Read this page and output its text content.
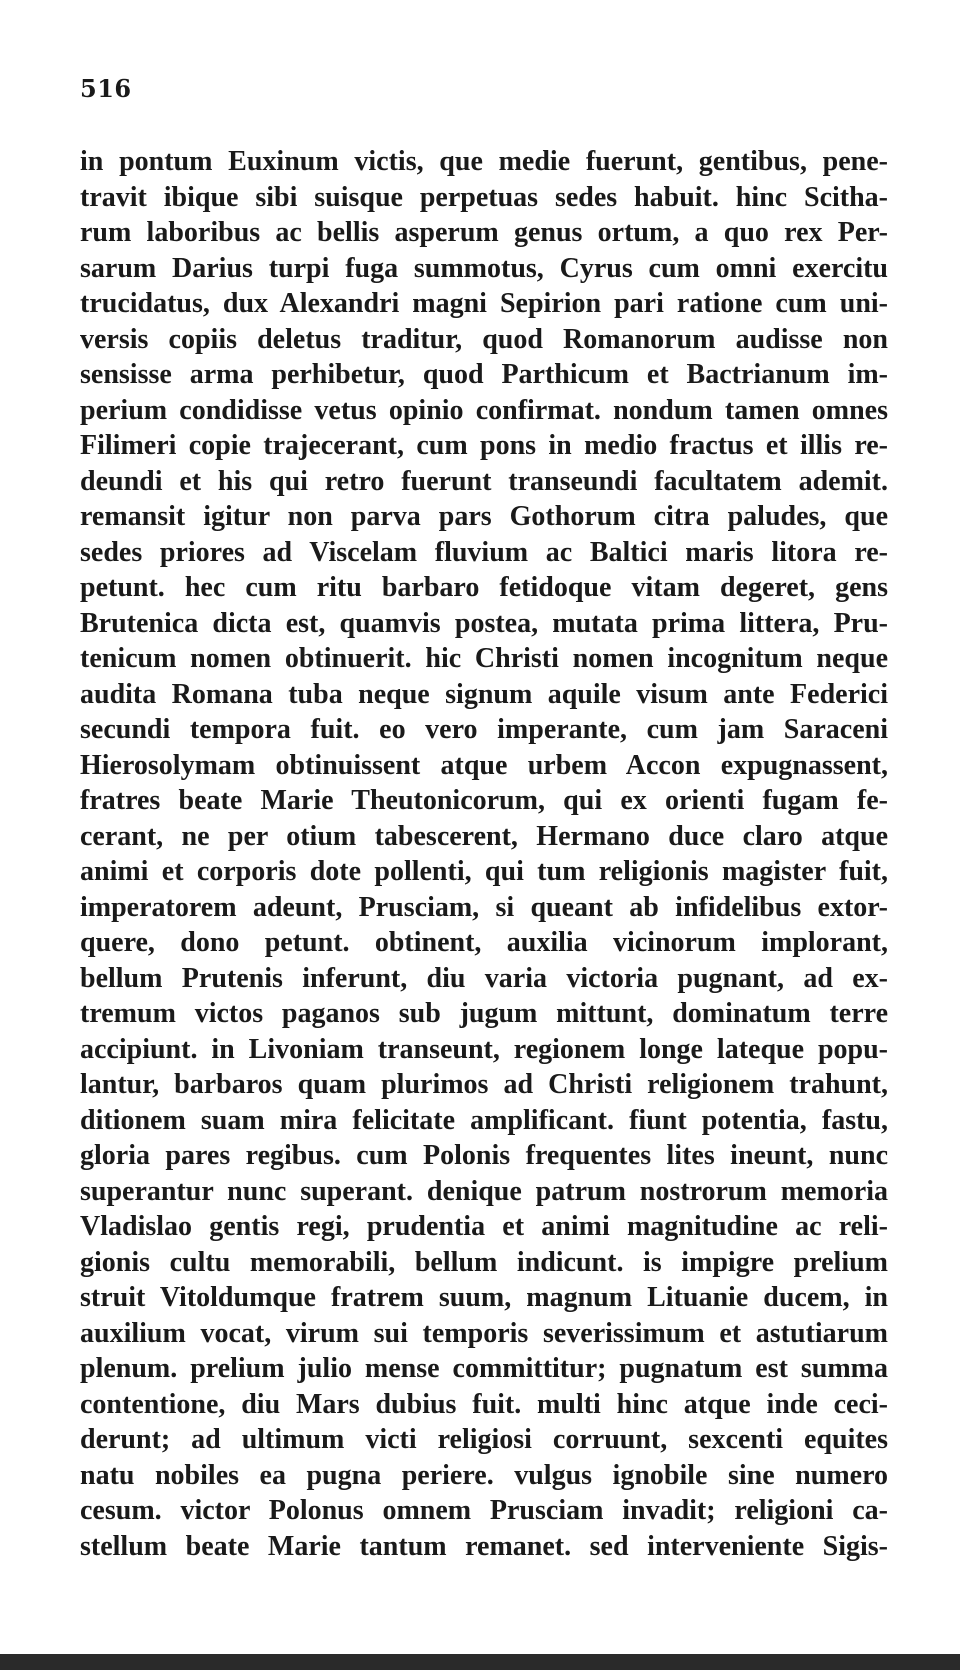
516
in pontum Euxinum victis, que medie fuerunt, gentibus, pene-
travit ibique sibi suisque perpetuas sedes habuit. hinc Scitha-
rum laboribus ac bellis asperum genus ortum, a quo rex Per-
sarum Darius turpi fuga summotus, Cyrus cum omni exercitu
trucidatus, dux Alexandri magni Sepirion pari ratione cum uni-
versis copiis deletus traditur, quod Romanorum audisse non
sensisse arma perhibetur, quod Parthicum et Bactrianum im-
perium condidisse vetus opinio confirmat. nondum tamen omnes
Filimeri copie trajecerant, cum pons in medio fractus et illis re-
deundi et his qui retro fuerunt transeundi facultatem ademit.
remansit igitur non parva pars Gothorum citra paludes, que
sedes priores ad Viscelam fluvium ac Baltici maris litora re-
petunt. hec cum ritu barbaro fetidoque vitam degeret, gens
Brutenica dicta est, quamvis postea, mutata prima littera, Pru-
tenicum nomen obtinuerit. hic Christi nomen incognitum neque
audita Romana tuba neque signum aquile visum ante Federici
secundi tempora fuit. eo vero imperante, cum jam Saraceni
Hierosolymam obtinuissent atque urbem Accon expugnassent,
fratres beate Marie Theutonicorum, qui ex orienti fugam fe-
cerant, ne per otium tabescerent, Hermano duce claro atque
animi et corporis dote pollenti, qui tum religionis magister fuit,
imperatorem adeunt, Prusciam, si queant ab infidelibus extor-
quere, dono petunt. obtinent, auxilia vicinorum implorant,
bellum Prutenis inferunt, diu varia victoria pugnant, ad ex-
tremum victos paganos sub jugum mittunt, dominatum terre
accipiunt. in Livoniam transeunt, regionem longe lateque popu-
lantur, barbaros quam plurimos ad Christi religionem trahunt,
ditionem suam mira felicitate amplificant. fiunt potentia, fastu,
gloria pares regibus. cum Polonis frequentes lites ineunt, nunc
superantur nunc superant. denique patrum nostrorum memoria
Vladislao gentis regi, prudentia et animi magnitudine ac reli-
gionis cultu memorabili, bellum indicunt. is impigre prelium
struit Vitoldumque fratrem suum, magnum Lituanie ducem, in
auxilium vocat, virum sui temporis severissimum et astutiarum
plenum. prelium julio mense committitur; pugnatum est summa
contentione, diu Mars dubius fuit. multi hinc atque inde ceci-
derunt; ad ultimum victi religiosi corruunt, sexcenti equites
natu nobiles ea pugna periere. vulgus ignobile sine numero
cesum. victor Polonus omnem Prusciam invadit; religioni ca-
stellum beate Marie tantum remanet. sed interveniente Sigis-
